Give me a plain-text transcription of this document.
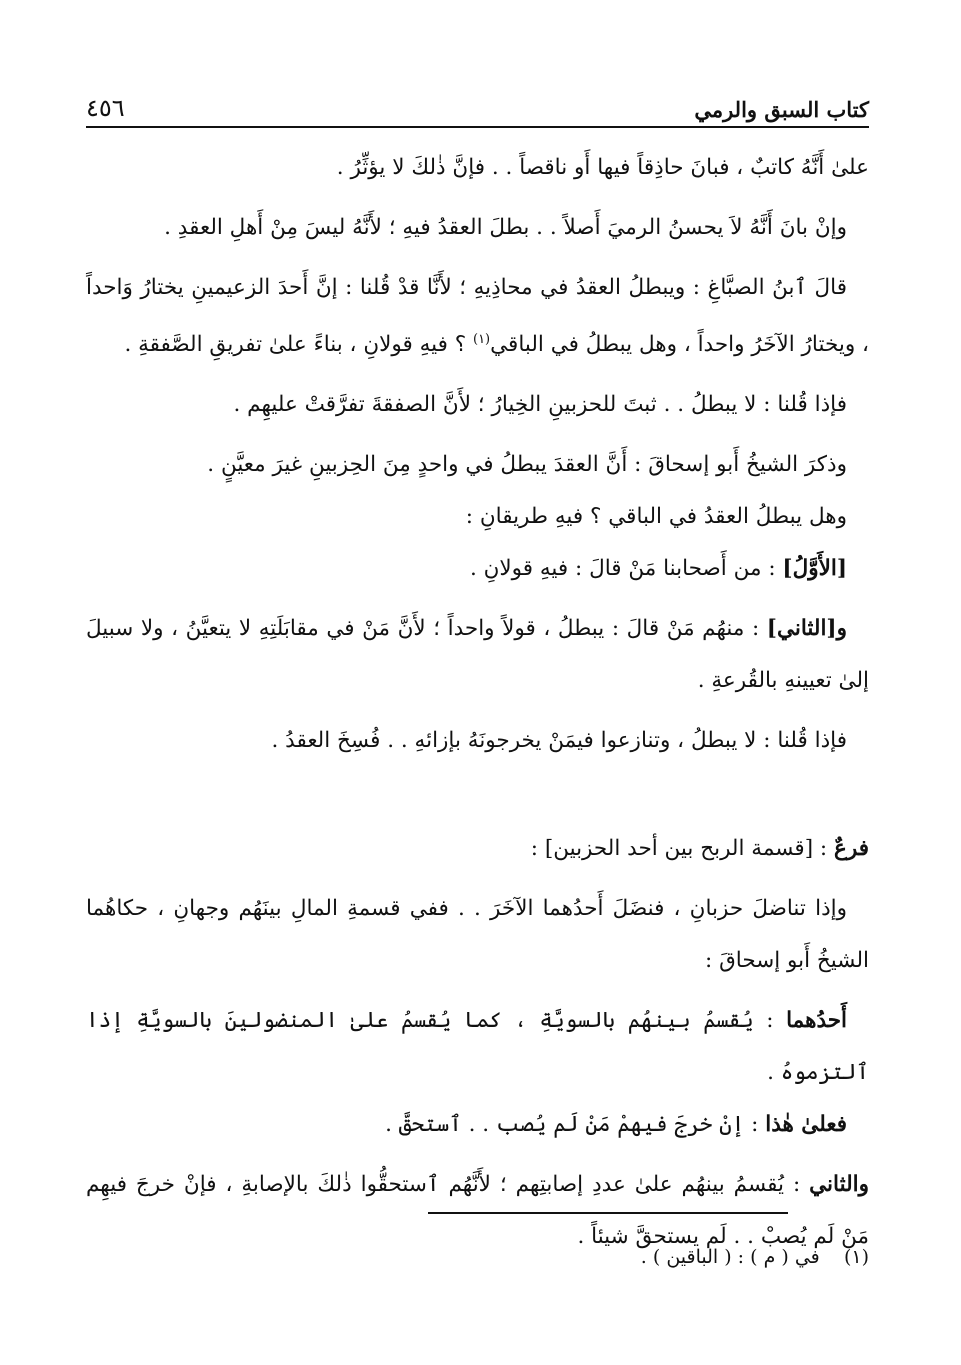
كتاب السبق والرمي
٤٥٦

علىٰ أَنَّهُ كاتبٌ ، فبانَ حاذِقاً فيها أَو ناقصاً . . فإنَّ ذٰلكَ لا يؤثِّرُ .

وإنْ بانَ أَنَّهُ لاَ يحسنُ الرميَ أَصلاً . . بطلَ العقدُ فيهِ ؛ لأَنَّهُ ليسَ مِنْ أَهلِ العقدِ .

قالَ ٱبنُ الصبَّاغِ : ويبطلُ العقدُ في محاذِيهِ ؛ لأَنَّا قدْ قُلنا : إنَّ أَحدَ الزعيمينِ يختارُ وَاحداً ، ويختارُ الآخَرُ واحداً ، وهل يبطلُ في الباقي$^{(١)}$ ؟ فيهِ قولانِ ، بناءً علىٰ تفريقِ الصَّفقةِ .

فإذا قُلنا : لا يبطلُ . . ثبتَ للحزبينِ الخِيارُ ؛ لأَنَّ الصفقةَ تفرَّقتْ عليهِم .

وذكرَ الشيخُ أَبو إسحاقَ : أَنَّ العقدَ يبطلُ في واحدٍ مِنَ الحِزبينِ غيرَ معيَّنٍ .

وهل يبطلُ العقدُ في الباقي ؟ فيهِ طريقانِ :

[الأَوَّلُ] : من أَصحابنا مَنْ قالَ : فيهِ قولانِ .

و[الثاني] : منهُم مَنْ قالَ : يبطلُ ، قولاً واحداً ؛ لأَنَّ مَنْ في مقابَلَتِهِ لا يتعيَّنُ ، ولا سبيلَ إلىٰ تعيينهِ بالقُرعةِ .

فإذا قُلنا : لا يبطلُ ، وتنازعوا فيمَنْ يخرجونَهُ بإزائهِ . . فُسِخَ العقدُ .

فرعٌ : [قسمة الربح بين أحد الحزبين] :

وإذا تناضلَ حزبانِ ، فنضَلَ أَحدُهما الآخَرَ . . ففي قسمةِ المالِ بينَهُم وجهانِ ، حكاهُما الشيخُ أَبو إسحاقَ :

أَحدُهما : يُقسمُ بينهُم بالسويَّةِ ، كما يُقسمُ علىٰ المنضولينَ بالسويَّةِ إذا ٱلتزموهُ .

فعلىٰ هٰذا : إنْ خرجَ فيهمْ مَنْ لَم يُصب . . ٱستحقَّ .

والثاني : يُقسمُ بينهُم علىٰ عددِ إصابتِهم ؛ لأَنَّهُم ٱستحقُّوا ذٰلكَ بالإصابةِ ، فإنْ خرجَ فيهِم مَنْ لَم يُصبْ . . لَم يستحقَّ شيئاً .

(١)    في ( م ) : ( الباقين ) .
